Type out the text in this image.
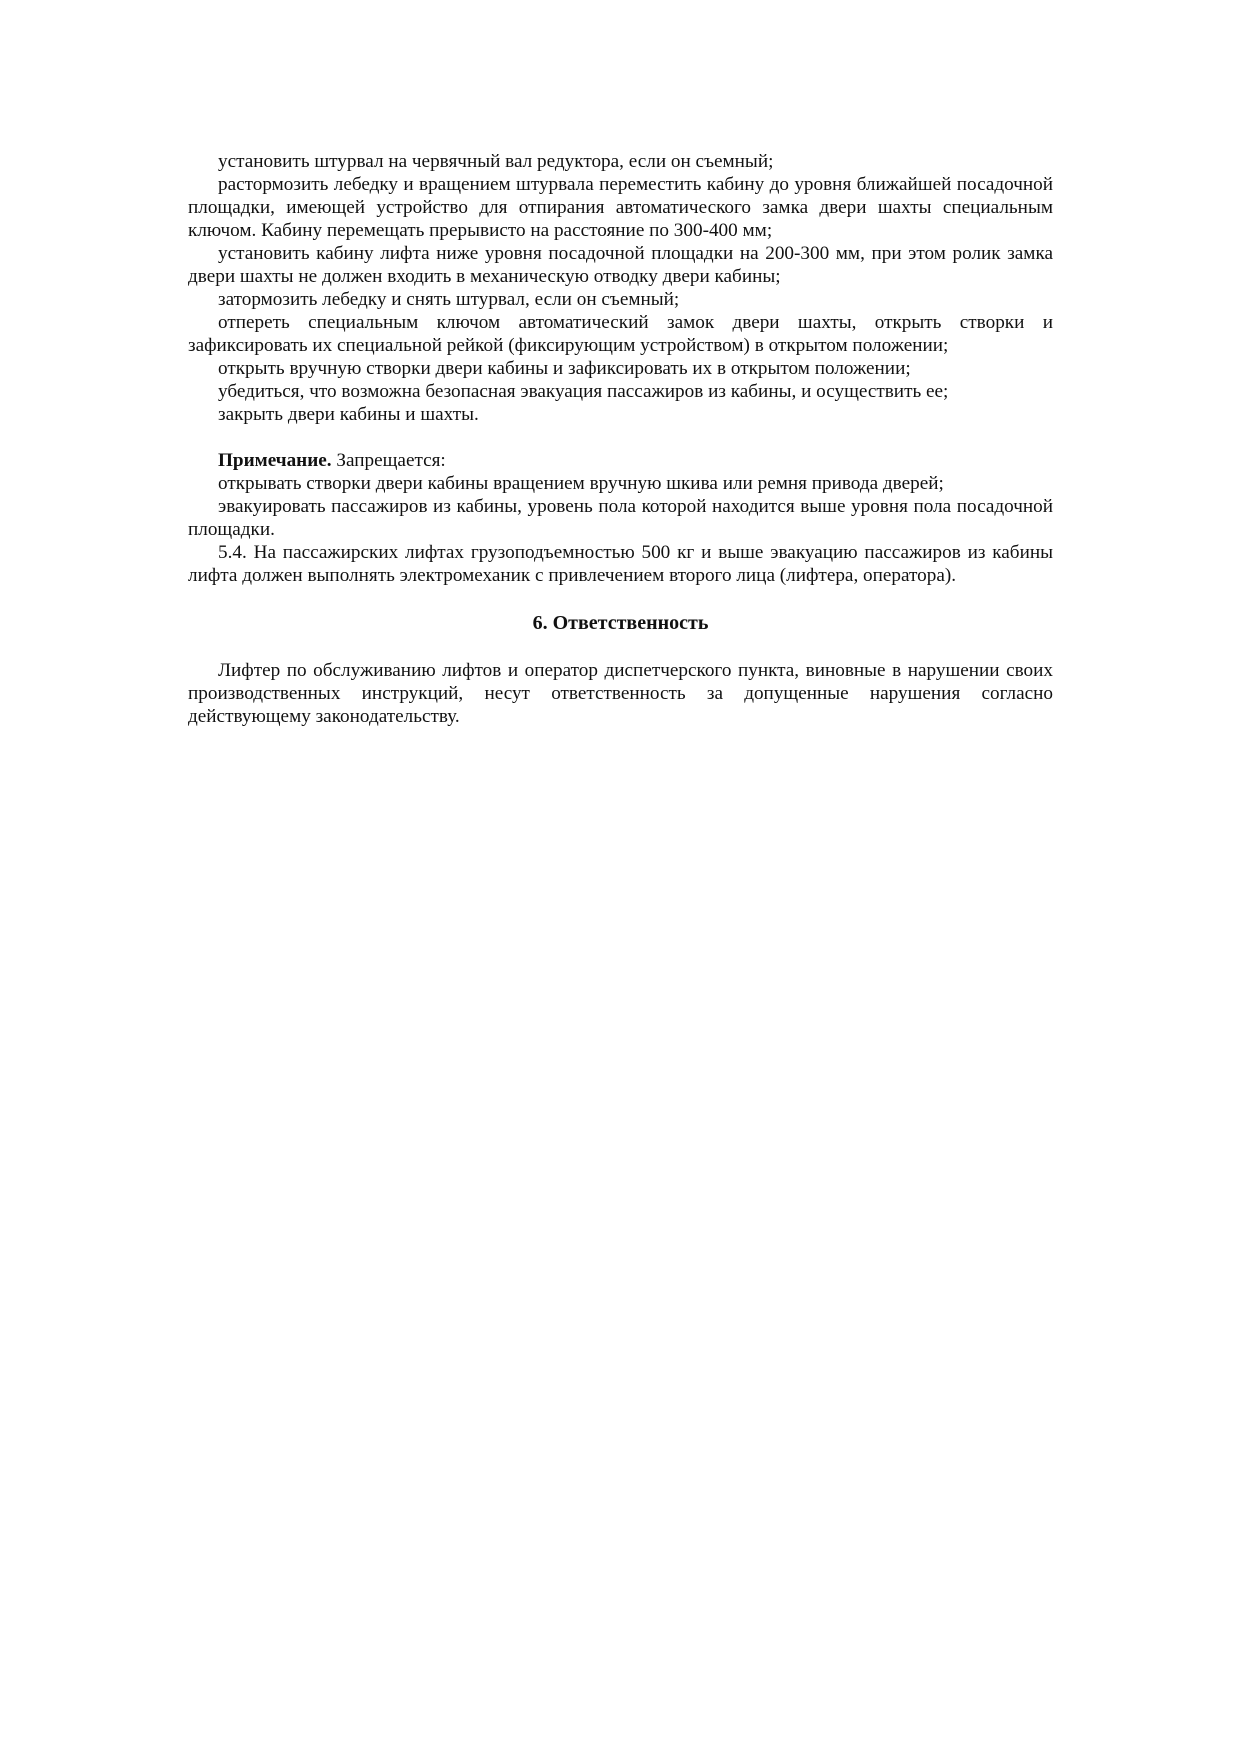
установить штурвал на червячный вал редуктора, если он съемный;

растормозить лебедку и вращением штурвала переместить кабину до уровня ближайшей посадочной площадки, имеющей устройство для отпирания автоматического замка двери шахты специальным ключом. Кабину перемещать прерывисто на расстояние по 300-400 мм;

установить кабину лифта ниже уровня посадочной площадки на 200-300 мм, при этом ролик замка двери шахты не должен входить в механическую отводку двери кабины;

затормозить лебедку и снять штурвал, если он съемный;

отпереть специальным ключом автоматический замок двери шахты, открыть створки и зафиксировать их специальной рейкой (фиксирующим устройством) в открытом положении;

открыть вручную створки двери кабины и зафиксировать их в открытом положении;

убедиться, что возможна безопасная эвакуация пассажиров из кабины, и осуществить ее;

закрыть двери кабины и шахты.

Примечание. Запрещается:

открывать створки двери кабины вращением вручную шкива или ремня привода дверей;

эвакуировать пассажиров из кабины, уровень пола которой находится выше уровня пола посадочной площадки.

5.4. На пассажирских лифтах грузоподъемностью 500 кг и выше эвакуацию пассажиров из кабины лифта должен выполнять электромеханик с привлечением второго лица (лифтера, оператора).

6. Ответственность

Лифтер по обслуживанию лифтов и оператор диспетчерского пункта, виновные в нарушении своих производственных инструкций, несут ответственность за допущенные нарушения согласно действующему законодательству.
